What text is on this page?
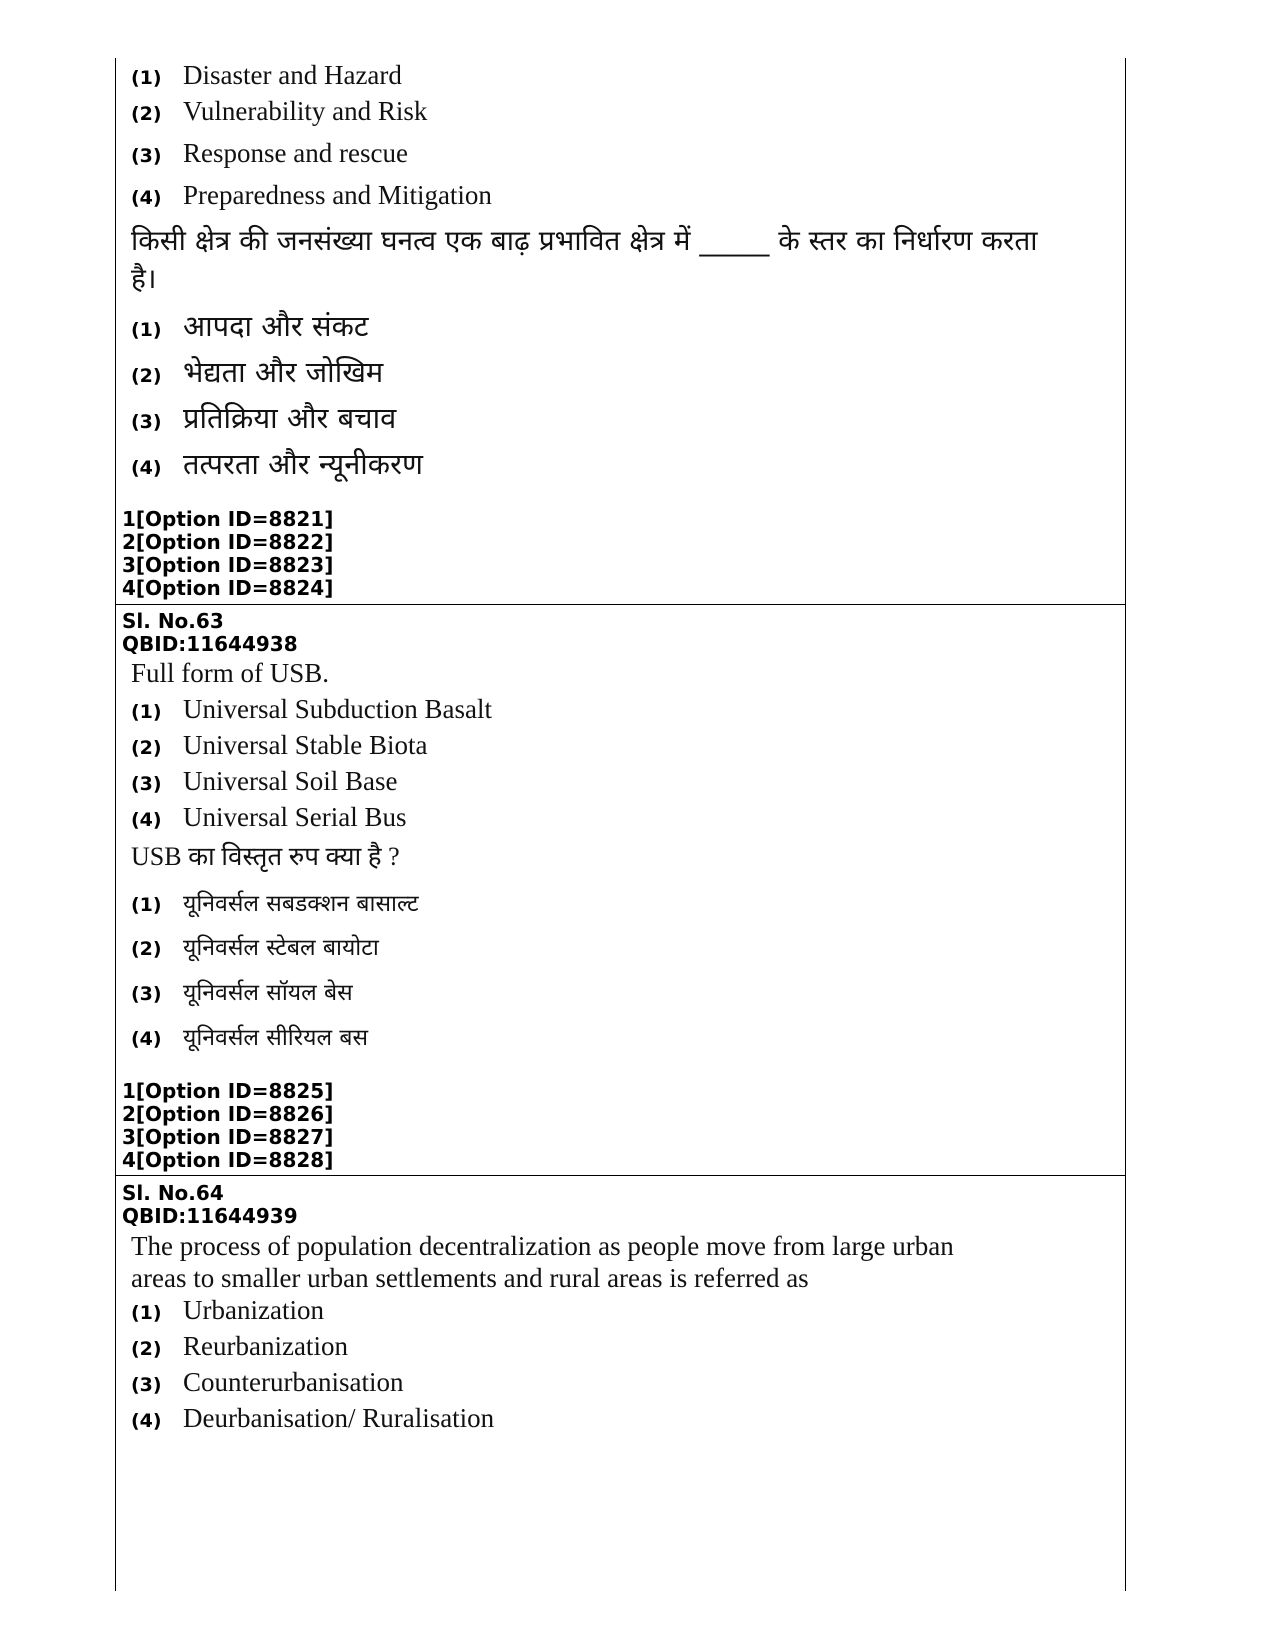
(1) Disaster and Hazard
(2) Vulnerability and Risk
(3) Response and rescue
(4) Preparedness and Mitigation
किसी क्षेत्र की जनसंख्या घनत्व एक बाढ़ प्रभावित क्षेत्र में _____ के स्तर का निर्धारण करता है।
(1) आपदा और संकट
(2) भेद्यता और जोखिम
(3) प्रतिक्रिया और बचाव
(4) तत्परता और न्यूनीकरण
1[Option ID=8821]
2[Option ID=8822]
3[Option ID=8823]
4[Option ID=8824]
Sl. No.63
QBID:11644938
Full form of USB.
(1) Universal Subduction Basalt
(2) Universal Stable Biota
(3) Universal Soil Base
(4) Universal Serial Bus
USB का विस्तृत रुप क्या है ?
(1) यूनिवर्सल सबडक्शन बासाल्ट
(2) यूनिवर्सल स्टेबल बायोटा
(3) यूनिवर्सल सॉयल बेस
(4) यूनिवर्सल सीरियल बस
1[Option ID=8825]
2[Option ID=8826]
3[Option ID=8827]
4[Option ID=8828]
Sl. No.64
QBID:11644939
The process of population decentralization as people move from large urban
areas to smaller urban settlements and rural areas is referred as
(1) Urbanization
(2) Reurbanization
(3) Counterurbanisation
(4) Deurbanisation/ Ruralisation
